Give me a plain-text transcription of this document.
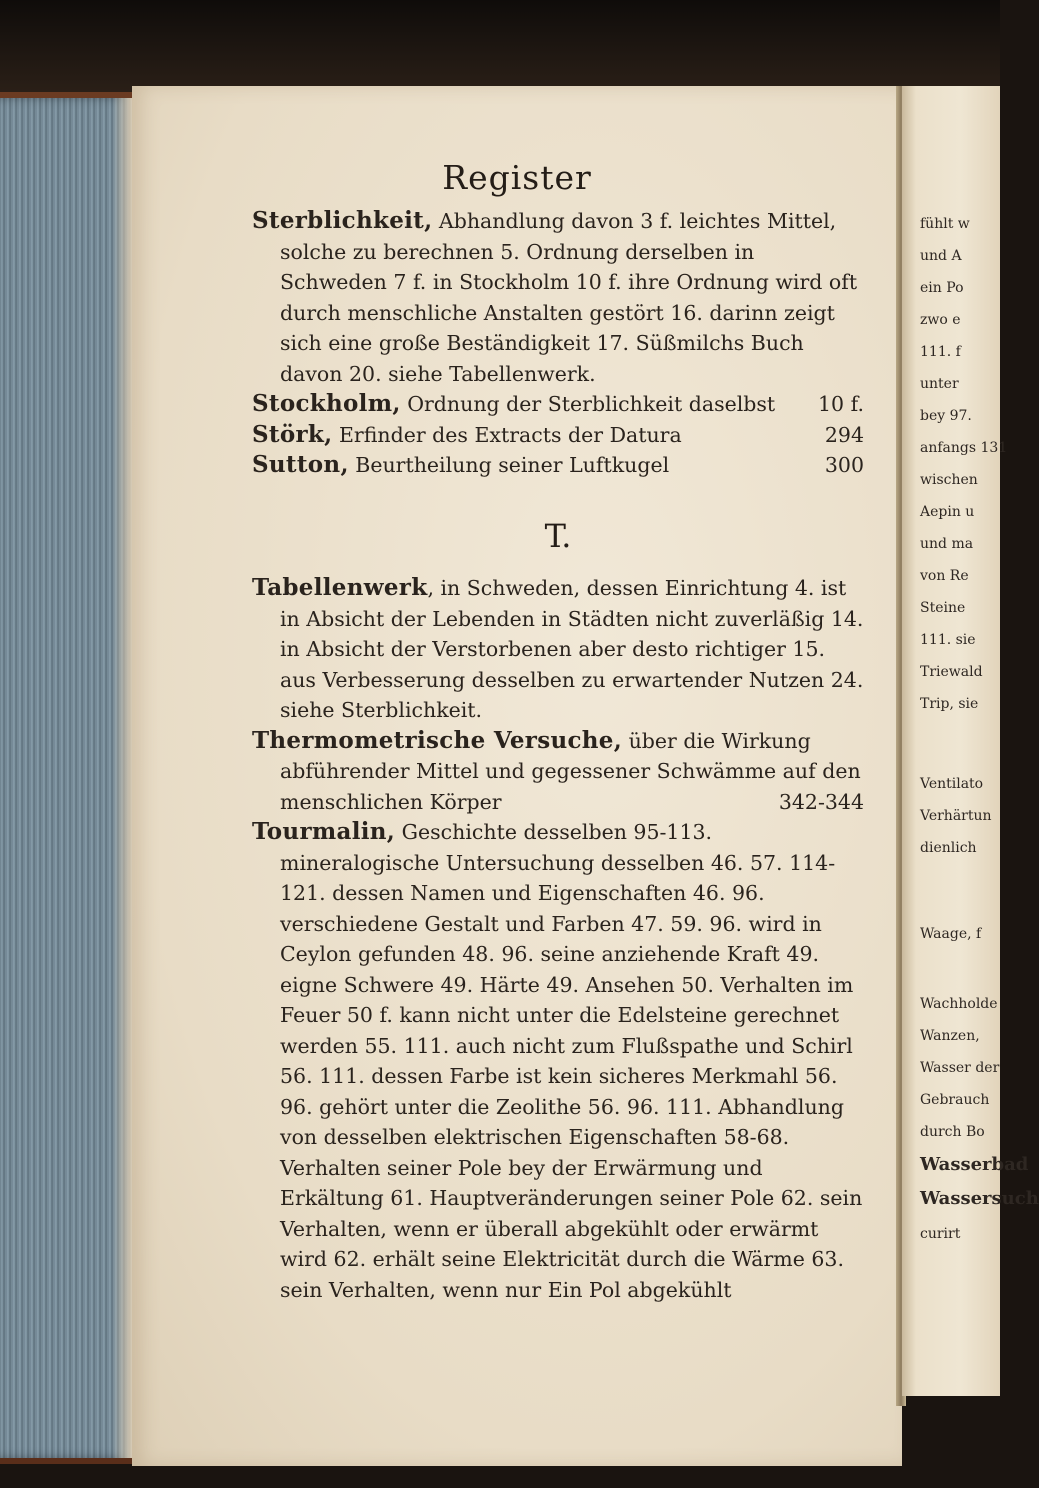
Register

Sterblichkeit, Abhandlung davon 3 f. leichtes Mittel, solche zu berechnen 5. Ordnung derselben in Schweden 7 f. in Stockholm 10 f. ihre Ordnung wird oft durch menschliche Anstalten gestört 16. darinn zeigt sich eine große Beständigkeit 17. Süßmilchs Buch davon 20. siehe Tabellenwerk.

Stockholm, Ordnung der Sterblichkeit daselbst 10 f.

Störk, Erfinder des Extracts der Datura	294

Sutton, Beurtheilung seiner Luftkugel	300

T.

Tabellenwerk, in Schweden, dessen Einrichtung 4. ist in Absicht der Lebenden in Städten nicht zuverläßig 14. in Absicht der Verstorbenen aber desto richtiger 15. aus Verbesserung desselben zu erwartender Nutzen 24. siehe Sterblichkeit.

Thermometrische Versuche, über die Wirkung abführender Mittel und gegessener Schwämme auf den menschlichen Körper	342-344

Tourmalin, Geschichte desselben 95-113. mineralogische Untersuchung desselben 46. 57. 114-121. dessen Namen und Eigenschaften 46. 96. verschiedene Gestalt und Farben 47. 59. 96. wird in Ceylon gefunden 48. 96. seine anziehende Kraft 49. eigne Schwere 49. Härte 49. Ansehen 50. Verhalten im Feuer 50 f. kann nicht unter die Edelsteine gerechnet werden 55. 111. auch nicht zum Flußspathe und Schirl 56. 111. dessen Farbe ist kein sicheres Merkmahl 56. 96. gehört unter die Zeolithe 56. 96. 111. Abhandlung von desselben elektrischen Eigenschaften 58-68. Verhalten seiner Pole bey der Erwärmung und Erkältung 61. Hauptveränderungen seiner Pole 62. sein Verhalten, wenn er überall abgekühlt oder erwärmt wird 62. erhält seine Elektricität durch die Wärme 63. sein Verhalten, wenn nur Ein Pol abgekühlt

fühlt w
und A
ein Po
zwo e
111. f
unter
bey 97.
anfangs 131
wischen
Aepin u
und ma
von Re
Steine
111. sie
Triewald
Trip, sie
Ventilato
Verhärtun
dienlich
Waage, f
Wachholde
Wanzen,
Wasser der
Gebrauch
durch Bo
Wasserbad
Wassersuch
curirt
